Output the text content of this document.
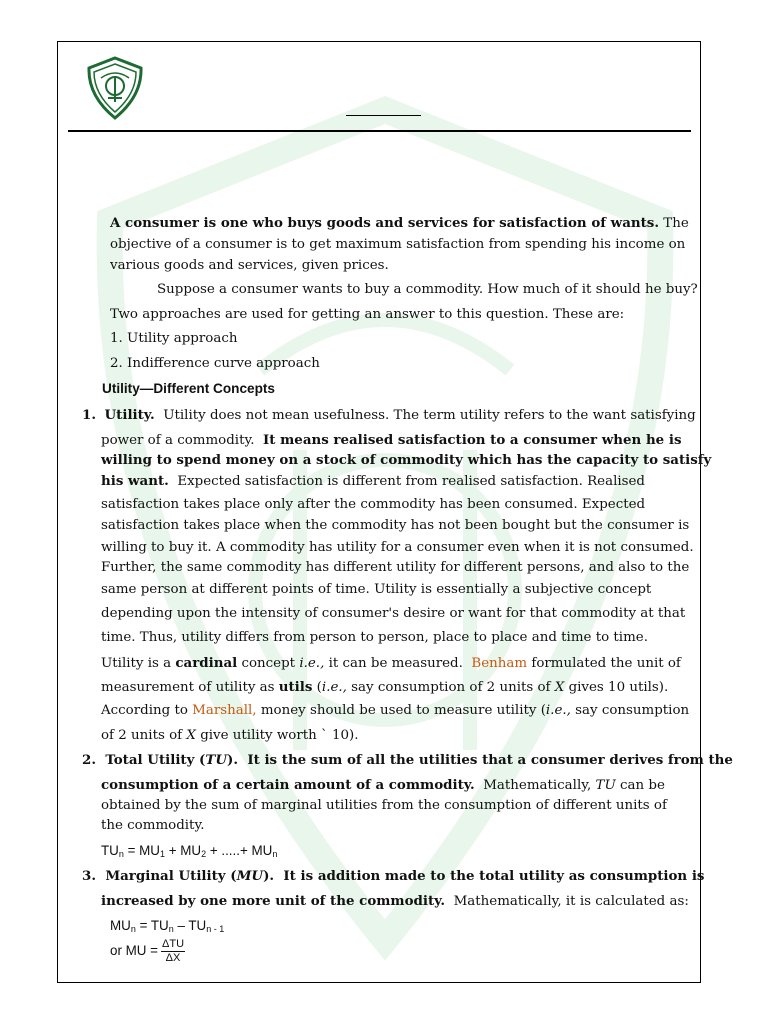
A consumer is one who buys goods and services for satisfaction of wants. The
objective of a consumer is to get maximum satisfaction from spending his income on
various goods and services, given prices.
Suppose a consumer wants to buy a commodity. How much of it should he buy?
Two approaches are used for getting an answer to this question. These are:
1. Utility approach
2. Indifference curve approach
Utility—Different Concepts
1. Utility. Utility does not mean usefulness. The term utility refers to the want satisfying
power of a commodity. It means realised satisfaction to a consumer when he is
willing to spend money on a stock of commodity which has the capacity to satisfy
his want. Expected satisfaction is different from realised satisfaction. Realised
satisfaction takes place only after the commodity has been consumed. Expected
satisfaction takes place when the commodity has not been bought but the consumer is
willing to buy it. A commodity has utility for a consumer even when it is not consumed.
Further, the same commodity has different utility for different persons, and also to the
same person at different points of time. Utility is essentially a subjective concept
depending upon the intensity of consumer's desire or want for that commodity at that
time. Thus, utility differs from person to person, place to place and time to time.
Utility is a cardinal concept i.e., it can be measured. Benham formulated the unit of
measurement of utility as utils (i.e., say consumption of 2 units of X gives 10 utils).
According to Marshall, money should be used to measure utility (i.e., say consumption
of 2 units of X give utility worth ` 10).
2. Total Utility (TU). It is the sum of all the utilities that a consumer derives from the
consumption of a certain amount of a commodity. Mathematically, TU can be
obtained by the sum of marginal utilities from the consumption of different units of
the commodity.
$TU_n = MU_1 + MU_2$ + .....+ $MU_n$
3. Marginal Utility (MU). It is addition made to the total utility as consumption is
increased by one more unit of the commodity. Mathematically, it is calculated as:
$MU_n = TU_n - TU_{n - 1}$
or MU = $\frac{\text{ΔTU}}{\Delta X}$
